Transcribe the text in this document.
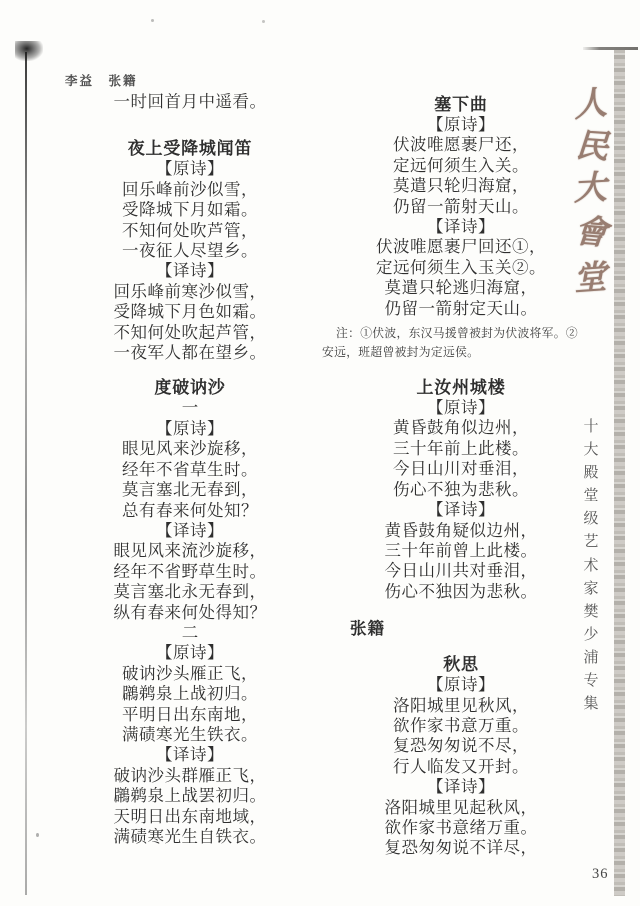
李益　张籍
一时回首月中遥看。
夜上受降城闻笛
【原诗】
回乐峰前沙似雪，
受降城下月如霜。
不知何处吹芦管，
一夜征人尽望乡。
【译诗】
回乐峰前寒沙似雪，
受降城下月色如霜。
不知何处吹起芦管，
一夜军人都在望乡。
度破讷沙
一
【原诗】
眼见风来沙旋移，
经年不省草生时。
莫言塞北无春到，
总有春来何处知？
【译诗】
眼见风来流沙旋移，
经年不省野草生时。
莫言塞北永无春到，
纵有春来何处得知？
二
【原诗】
破讷沙头雁正飞，
鸊鹈泉上战初归。
平明日出东南地，
满碛寒光生铁衣。
【译诗】
破讷沙头群雁正飞，
鸊鹈泉上战罢初归。
天明日出东南地域，
满碛寒光生自铁衣。
塞下曲
【原诗】
伏波唯愿裹尸还，
定远何须生入关。
莫遣只轮归海窟，
仍留一箭射天山。
【译诗】
伏波唯愿裹尸回还①，
定远何须生入玉关②。
莫遣只轮逃归海窟，
仍留一箭射定天山。
注：①伏波，东汉马援曾被封为伏波将军。②
安远，班超曾被封为定远侯。
上汝州城楼
【原诗】
黄昏鼓角似边州，
三十年前上此楼。
今日山川对垂泪，
伤心不独为悲秋。
【译诗】
黄昏鼓角疑似边州，
三十年前曾上此楼。
今日山川共对垂泪，
伤心不独因为悲秋。
张籍
秋思
【原诗】
洛阳城里见秋风，
欲作家书意万重。
复恐匆匆说不尽，
行人临发又开封。
【译诗】
洛阳城里见起秋风，
欲作家书意绪万重。
复恐匆匆说不详尽，
人
民
大
會
堂
十
大
殿
堂
级
艺
术
家
樊
少
浦
专
集
36
